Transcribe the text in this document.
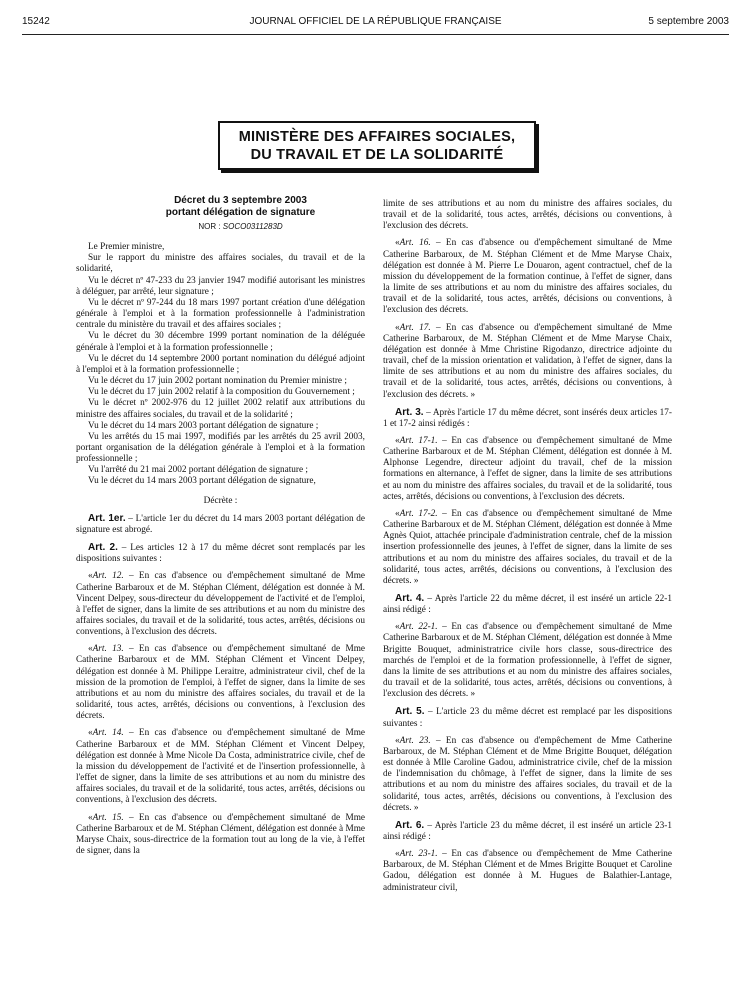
15242	JOURNAL OFFICIEL DE LA RÉPUBLIQUE FRANÇAISE	5 septembre 2003
MINISTÈRE DES AFFAIRES SOCIALES,
DU TRAVAIL ET DE LA SOLIDARITÉ
Décret du 3 septembre 2003
portant délégation de signature
NOR : SOCO0311283D

Le Premier ministre,

Sur le rapport du ministre des affaires sociales, du travail et de la solidarité,

Vu le décret nº 47-233 du 23 janvier 1947 modifié autorisant les ministres à déléguer, par arrêté, leur signature ;

Vu le décret nº 97-244 du 18 mars 1997 portant création d'une délégation générale à l'emploi et à la formation professionnelle à l'administration centrale du ministère du travail et des affaires sociales ;

Vu le décret du 30 décembre 1999 portant nomination de la déléguée générale à l'emploi et à la formation professionnelle ;

Vu le décret du 14 septembre 2000 portant nomination du délégué adjoint à l'emploi et à la formation professionnelle ;

Vu le décret du 17 juin 2002 portant nomination du Premier ministre ;

Vu le décret du 17 juin 2002 relatif à la composition du Gouvernement ;

Vu le décret nº 2002-976 du 12 juillet 2002 relatif aux attributions du ministre des affaires sociales, du travail et de la solidarité ;

Vu le décret du 14 mars 2003 portant délégation de signature ;

Vu les arrêtés du 15 mai 1997, modifiés par les arrêtés du 25 avril 2003, portant organisation de la délégation générale à l'emploi et à la formation professionnelle ;

Vu l'arrêté du 21 mai 2002 portant délégation de signature ;

Vu le décret du 14 mars 2003 portant délégation de signature,

Décrète :

Art. 1er. – L'article 1er du décret du 14 mars 2003 portant délégation de signature est abrogé.

Art. 2. – Les articles 12 à 17 du même décret sont remplacés par les dispositions suivantes :

«Art. 12. – En cas d'absence ou d'empêchement simultané de Mme Catherine Barbaroux et de M. Stéphan Clément, délégation est donnée à M. Vincent Delpey, sous-directeur du développement de l'activité et de l'emploi, à l'effet de signer, dans la limite de ses attributions et au nom du ministre des affaires sociales, du travail et de la solidarité, tous actes, arrêtés, décisions ou conventions, à l'exclusion des décrets.

«Art. 13. – En cas d'absence ou d'empêchement simultané de Mme Catherine Barbaroux et de MM. Stéphan Clément et Vincent Delpey, délégation est donnée à M. Philippe Leraitre, administrateur civil, chef de la mission de la promotion de l'emploi, à l'effet de signer, dans la limite de ses attributions et au nom du ministre des affaires sociales, du travail et de la solidarité, tous actes, arrêtés, décisions ou conventions, à l'exclusion des décrets.

«Art. 14. – En cas d'absence ou d'empêchement simultané de Mme Catherine Barbaroux et de MM. Stéphan Clément et Vincent Delpey, délégation est donnée à Mme Nicole Da Costa, administratrice civile, chef de la mission du développement de l'activité et de l'insertion professionnelle, à l'effet de signer, dans la limite de ses attributions et au nom du ministre des affaires sociales, du travail et de la solidarité, tous actes, arrêtés, décisions ou conventions, à l'exclusion des décrets.

«Art. 15. – En cas d'absence ou d'empêchement simultané de Mme Catherine Barbaroux et de M. Stéphan Clément, délégation est donnée à Mme Maryse Chaix, sous-directrice de la formation tout au long de la vie, à l'effet de signer, dans la

limite de ses attributions et au nom du ministre des affaires sociales, du travail et de la solidarité, tous actes, arrêtés, décisions ou conventions, à l'exclusion des décrets.

«Art. 16. – En cas d'absence ou d'empêchement simultané de Mme Catherine Barbaroux, de M. Stéphan Clément et de Mme Maryse Chaix, délégation est donnée à M. Pierre Le Douaron, agent contractuel, chef de la mission du développement de la formation continue, à l'effet de signer, dans la limite de ses attributions et au nom du ministre des affaires sociales, du travail et de la solidarité, tous actes, arrêtés, décisions ou conventions, à l'exclusion des décrets.

«Art. 17. – En cas d'absence ou d'empêchement simultané de Mme Catherine Barbaroux, de M. Stéphan Clément et de Mme Maryse Chaix, délégation est donnée à Mme Christine Rigodanzo, directrice adjointe du travail, chef de la mission orientation et validation, à l'effet de signer, dans la limite de ses attributions et au nom du ministre des affaires sociales, du travail et de la solidarité, tous actes, arrêtés, décisions ou conventions, à l'exclusion des décrets. »

Art. 3. – Après l'article 17 du même décret, sont insérés deux articles 17-1 et 17-2 ainsi rédigés :

«Art. 17-1. – En cas d'absence ou d'empêchement simultané de Mme Catherine Barbaroux et de M. Stéphan Clément, délégation est donnée à M. Alphonse Legendre, directeur adjoint du travail, chef de la mission formations en alternance, à l'effet de signer, dans la limite de ses attributions et au nom du ministre des affaires sociales, du travail et de la solidarité, tous actes, arrêtés, décisions ou conventions, à l'exclusion des décrets.

«Art. 17-2. – En cas d'absence ou d'empêchement simultané de Mme Catherine Barbaroux et de M. Stéphan Clément, délégation est donnée à Mme Agnès Quiot, attachée principale d'administration centrale, chef de la mission insertion professionnelle des jeunes, à l'effet de signer, dans la limite de ses attributions et au nom du ministre des affaires sociales, du travail et de la solidarité, tous actes, arrêtés, décisions ou conventions, à l'exclusion des décrets. »

Art. 4. – Après l'article 22 du même décret, il est inséré un article 22-1 ainsi rédigé :

«Art. 22-1. – En cas d'absence ou d'empêchement simultané de Mme Catherine Barbaroux et de M. Stéphan Clément, délégation est donnée à Mme Brigitte Bouquet, administratrice civile hors classe, sous-directrice des marchés de l'emploi et de la formation professionnelle, à l'effet de signer, dans la limite de ses attributions et au nom du ministre des affaires sociales, du travail et de la solidarité, tous actes, arrêtés, décisions ou conventions, à l'exclusion des décrets. »

Art. 5. – L'article 23 du même décret est remplacé par les dispositions suivantes :

«Art. 23. – En cas d'absence ou d'empêchement de Mme Catherine Barbaroux, de M. Stéphan Clément et de Mme Brigitte Bouquet, délégation est donnée à Mlle Caroline Gadou, administratrice civile, chef de la mission de l'indemnisation du chômage, à l'effet de signer, dans la limite de ses attributions et au nom du ministre des affaires sociales, du travail et de la solidarité, tous actes, arrêtés, décisions ou conventions, à l'exclusion des décrets. »

Art. 6. – Après l'article 23 du même décret, il est inséré un article 23-1 ainsi rédigé :

«Art. 23-1. – En cas d'absence ou d'empêchement de Mme Catherine Barbaroux, de M. Stéphan Clément et de Mmes Brigitte Bouquet et Caroline Gadou, délégation est donnée à M. Hugues de Balathier-Lantage, administrateur civil,
